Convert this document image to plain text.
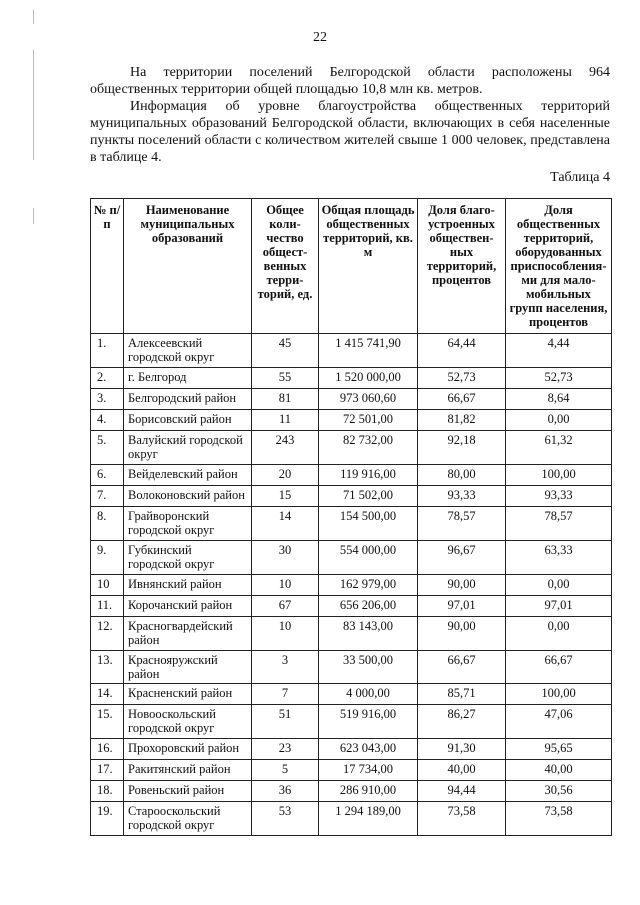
22
На территории поселений Белгородской области расположены 964 общественных территории общей площадью 10,8 млн кв. метров.
Информация об уровне благоустройства общественных территорий муниципальных образований Белгородской области, включающих в себя населенные пункты поселений области с количеством жителей свыше 1 000 человек, представлена в таблице 4.
Таблица 4
№ п/п	Наименование муниципальных образований	Общее коли-чество общест-венных терри-торий, ед.	Общая площадь общественных территорий, кв. м	Доля благо-устроенных обществен-ных территорий, процентов	Доля общественных территорий, оборудованных приспособления-ми для мало-мобильных групп населения, процентов
1.	Алексеевский городской округ	45	1 415 741,90	64,44	4,44
2.	г. Белгород	55	1 520 000,00	52,73	52,73
3.	Белгородский район	81	973 060,60	66,67	8,64
4.	Борисовский район	11	72 501,00	81,82	0,00
5.	Валуйский городской округ	243	82 732,00	92,18	61,32
6.	Вейделевский район	20	119 916,00	80,00	100,00
7.	Волоконовский район	15	71 502,00	93,33	93,33
8.	Грайворонский городской округ	14	154 500,00	78,57	78,57
9.	Губкинский городской округ	30	554 000,00	96,67	63,33
10	Ивнянский район	10	162 979,00	90,00	0,00
11.	Корочанский район	67	656 206,00	97,01	97,01
12.	Красногвардейский район	10	83 143,00	90,00	0,00
13.	Краснояружский район	3	33 500,00	66,67	66,67
14.	Красненский район	7	4 000,00	85,71	100,00
15.	Новооскольский городской округ	51	519 916,00	86,27	47,06
16.	Прохоровский район	23	623 043,00	91,30	95,65
17.	Ракитянский район	5	17 734,00	40,00	40,00
18.	Ровеньский район	36	286 910,00	94,44	30,56
19.	Старооскольский городской округ	53	1 294 189,00	73,58	73,58
